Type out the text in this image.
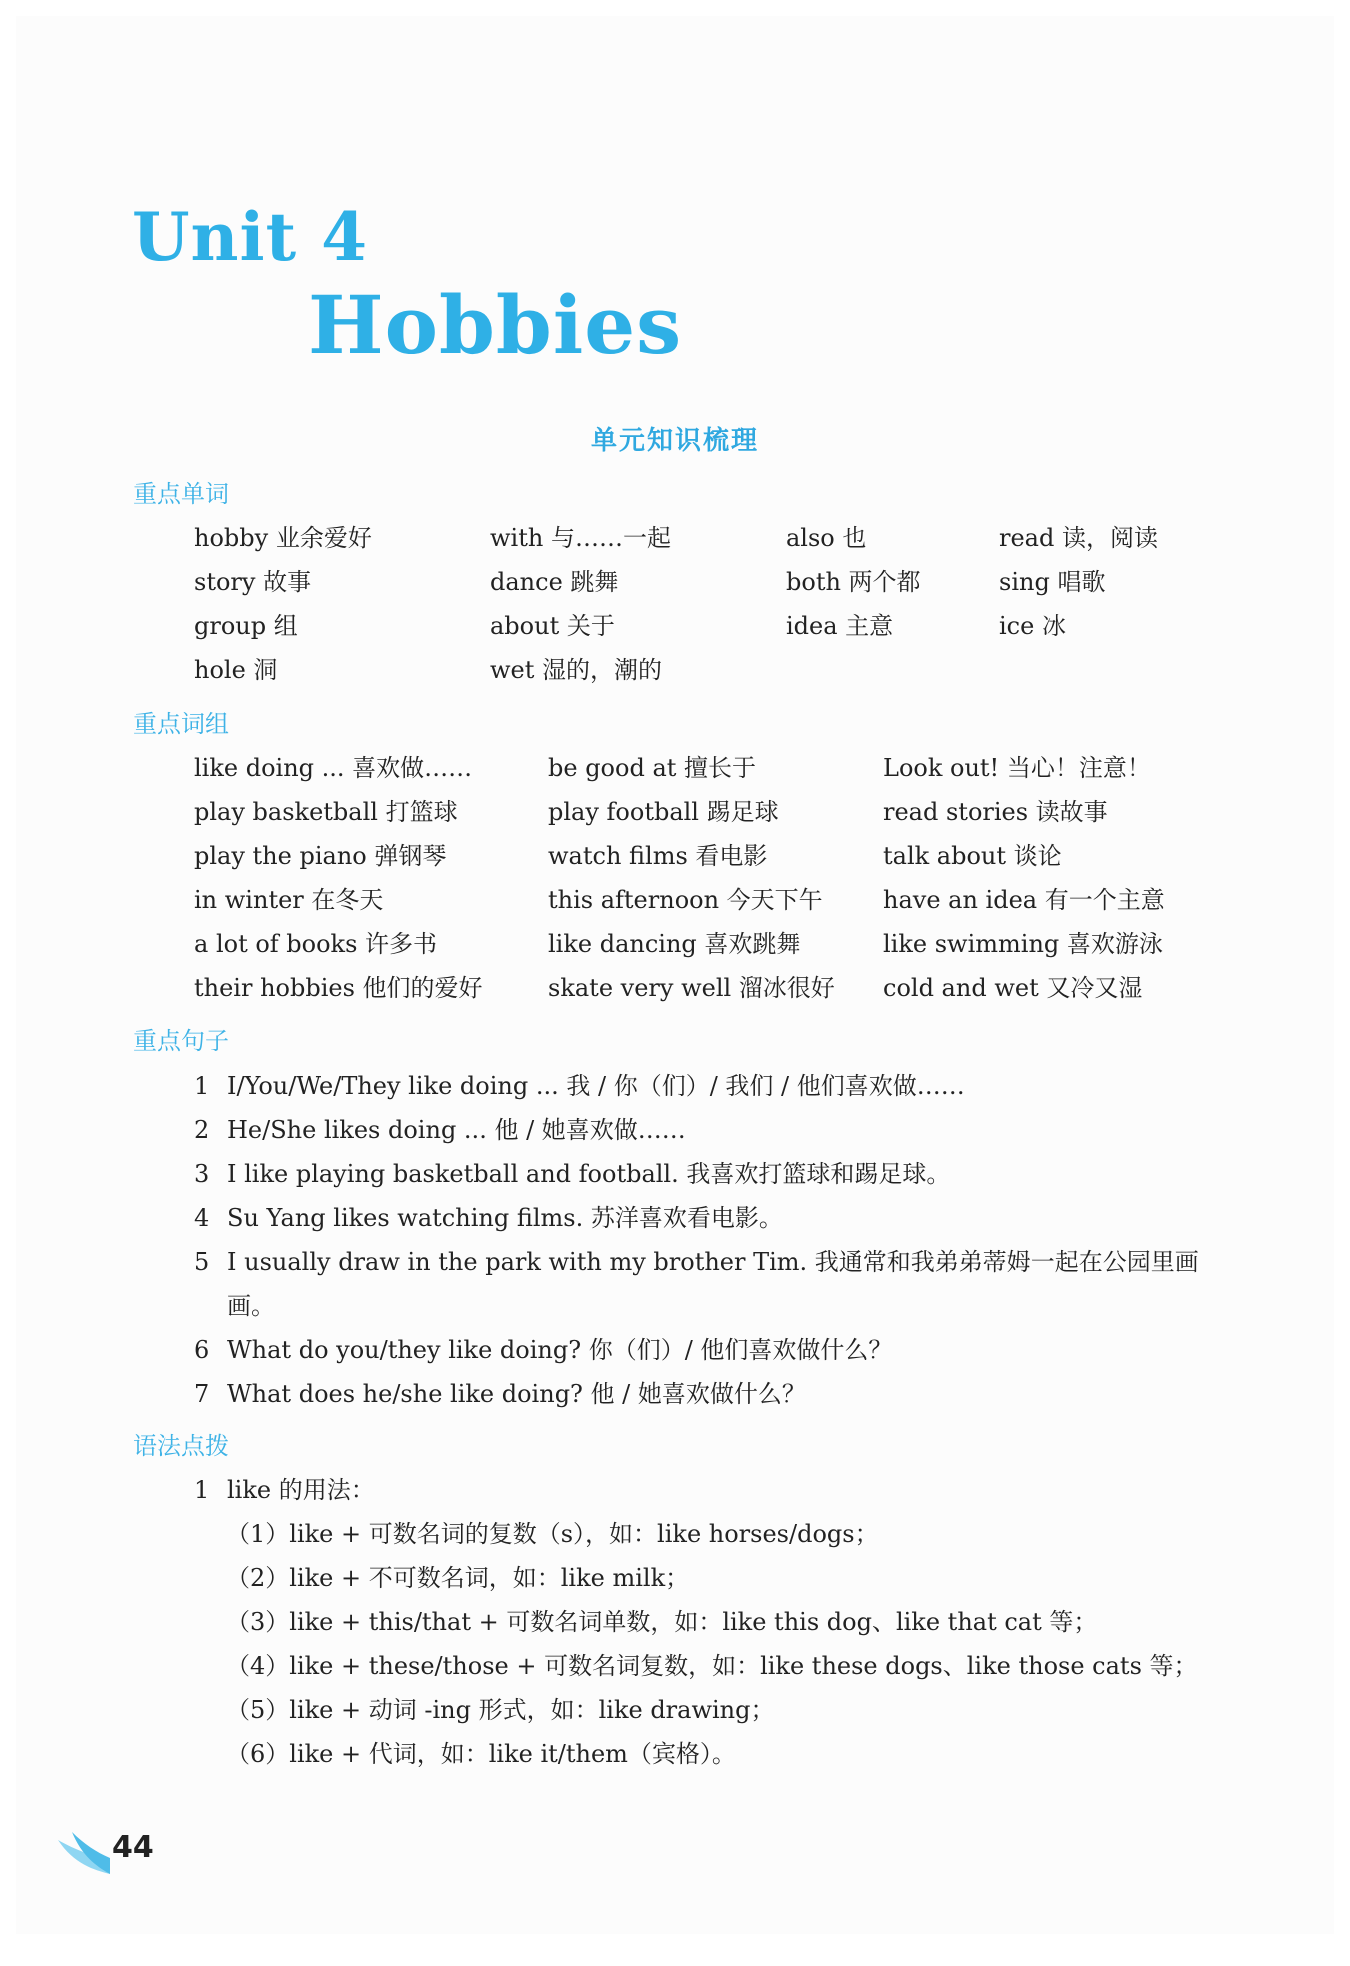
Unit 4
Hobbies
单元知识梳理
重点单词
hobby 业余爱好	with 与……一起	also 也	read 读，阅读
story 故事	dance 跳舞	both 两个都	sing 唱歌
group 组	about 关于	idea 主意	ice 冰
hole 洞	wet 湿的，潮的
重点词组
like doing ... 喜欢做……	be good at 擅长于	Look out! 当心！注意！
play basketball 打篮球	play football 踢足球	read stories 读故事
play the piano 弹钢琴	watch films 看电影	talk about 谈论
in winter 在冬天	this afternoon 今天下午	have an idea 有一个主意
a lot of books 许多书	like dancing 喜欢跳舞	like swimming 喜欢游泳
their hobbies 他们的爱好	skate very well 溜冰很好	cold and wet 又冷又湿
重点句子
1 I/You/We/They like doing ... 我 / 你（们）/ 我们 / 他们喜欢做……
2 He/She likes doing ... 他 / 她喜欢做……
3 I like playing basketball and football. 我喜欢打篮球和踢足球。
4 Su Yang likes watching films. 苏洋喜欢看电影。
5 I usually draw in the park with my brother Tim. 我通常和我弟弟蒂姆一起在公园里画画。
6 What do you/they like doing? 你（们）/ 他们喜欢做什么？
7 What does he/she like doing? 他 / 她喜欢做什么？
语法点拨
1 like 的用法：
（1）like + 可数名词的复数（s），如：like horses/dogs；
（2）like + 不可数名词，如：like milk；
（3）like + this/that + 可数名词单数，如：like this dog、like that cat 等；
（4）like + these/those + 可数名词复数，如：like these dogs、like those cats 等；
（5）like + 动词 -ing 形式，如：like drawing；
（6）like + 代词，如：like it/them（宾格）。
44
